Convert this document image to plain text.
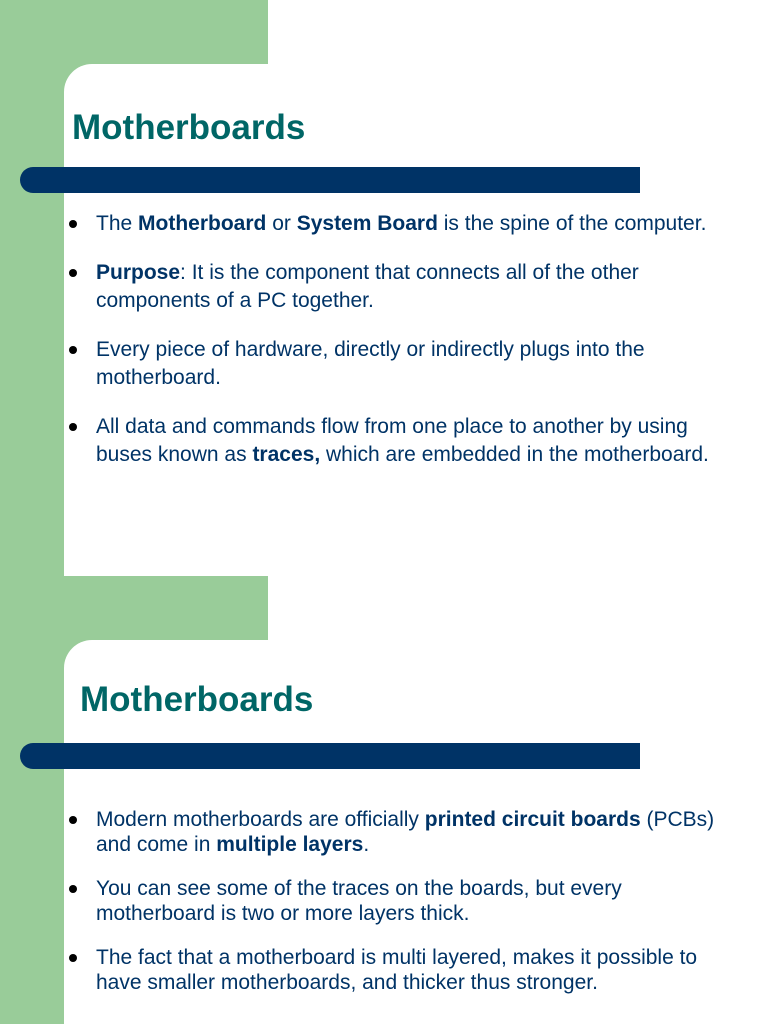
Motherboards
The Motherboard or System Board is the spine of the computer.
Purpose: It is the component that connects all of the other components of a PC together.
Every piece of hardware, directly or indirectly plugs into the motherboard.
All data and commands flow from one place to another by using buses known as traces, which are embedded in the motherboard.
Motherboards
Modern motherboards are officially printed circuit boards (PCBs) and come in multiple layers.
You can see some of the traces on the boards, but every motherboard is two or more layers thick.
The fact that a motherboard is multi layered, makes it possible to have smaller motherboards, and thicker thus stronger.
